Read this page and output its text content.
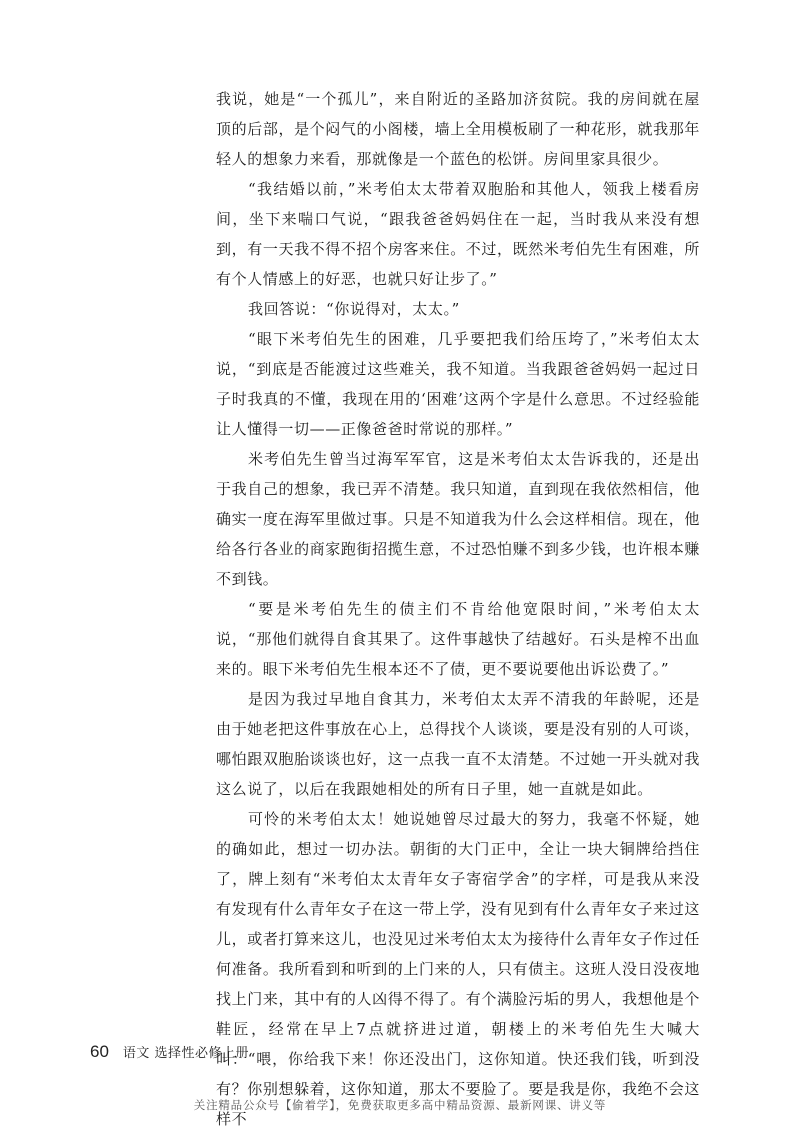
我说，她是“一个孤儿”，来自附近的圣路加济贫院。我的房间就在屋顶的后部，是个闷气的小阁楼，墙上全用模板刷了一种花形，就我那年轻人的想象力来看，那就像是一个蓝色的松饼。房间里家具很少。

“我结婚以前，”米考伯太太带着双胞胎和其他人，领我上楼看房间，坐下来喘口气说，“跟我爸爸妈妈住在一起，当时我从来没有想到，有一天我不得不招个房客来住。不过，既然米考伯先生有困难，所有个人情感上的好恶，也就只好让步了。”

我回答说：“你说得对，太太。”

“眼下米考伯先生的困难，几乎要把我们给压垮了，”米考伯太太说，“到底是否能渡过这些难关，我不知道。当我跟爸爸妈妈一起过日子时我真的不懂，我现在用的‘困难’这两个字是什么意思。不过经验能让人懂得一切——正像爸爸时常说的那样。”

米考伯先生曾当过海军军官，这是米考伯太太告诉我的，还是出于我自己的想象，我已弄不清楚。我只知道，直到现在我依然相信，他确实一度在海军里做过事。只是不知道我为什么会这样相信。现在，他给各行各业的商家跑街招揽生意，不过恐怕赚不到多少钱，也许根本赚不到钱。

“要是米考伯先生的债主们不肯给他宽限时间，”米考伯太太说，“那他们就得自食其果了。这件事越快了结越好。石头是榨不出血来的。眼下米考伯先生根本还不了债，更不要说要他出诉讼费了。”

是因为我过早地自食其力，米考伯太太弄不清我的年龄呢，还是由于她老把这件事放在心上，总得找个人谈谈，要是没有别的人可谈，哪怕跟双胞胎谈谈也好，这一点我一直不太清楚。不过她一开头就对我这么说了，以后在我跟她相处的所有日子里，她一直就是如此。

可怜的米考伯太太！她说她曾尽过最大的努力，我毫不怀疑，她的确如此，想过一切办法。朝街的大门正中，全让一块大铜牌给挡住了，牌上刻有“米考伯太太青年女子寄宿学舍”的字样，可是我从来没有发现有什么青年女子在这一带上学，没有见到有什么青年女子来过这儿，或者打算来这儿，也没见过米考伯太太为接待什么青年女子作过任何准备。我所看到和听到的上门来的人，只有债主。这班人没日没夜地找上门来，其中有的人凶得不得了。有个满脸污垢的男人，我想他是个鞋匠，经常在早上7点就挤进过道，朝楼上的米考伯先生大喊大叫：“喂，你给我下来！你还没出门，这你知道。快还我们钱，听到没有？你别想躲着，这你知道，那太不要脸了。要是我是你，我绝不会这样不

60 语文 选择性必修上册
关注精品公众号【偷着学】，免费获取更多高中精品资源、最新网课、讲义等
